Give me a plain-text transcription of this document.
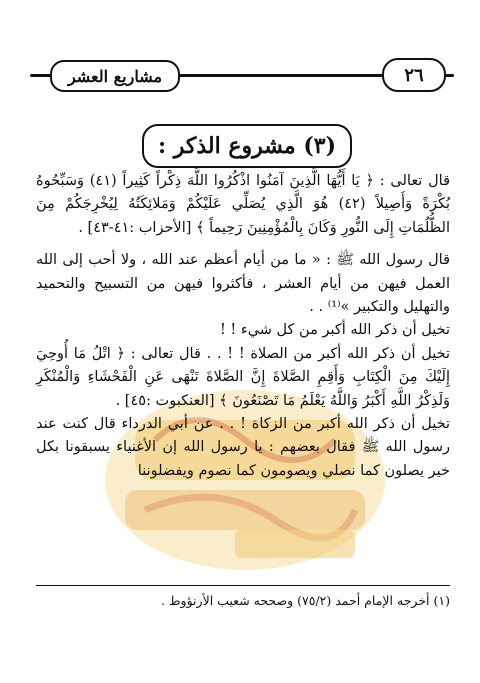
مشاريع العشر	٢٦
(٣) مشروع الذكر :

قال تعالى : ﴿ يَا أَيُّهَا الَّذِينَ آمَنُوا اذْكُرُوا اللَّهَ ذِكْراً كَثِيراً (٤١) وَسَبِّحُوهُ بُكْرَةً وَأَصِيلاً (٤٢) هُوَ الَّذِي يُصَلِّي عَلَيْكُمْ وَمَلائِكَتُهُ لِيُخْرِجَكُمْ مِنَ الظُّلُمَاتِ إِلَى النُّورِ وَكَانَ بِالْمُؤْمِنِينَ رَحِيماً ﴾ [الأحزاب :٤١-٤٣] .

قال رسول الله ﷺ : « ما من أيام أعظم عند الله ، ولا أحب إلى الله العمل فيهن من أيام العشر ، فأكثروا فيهن من التسبيح والتحميد والتهليل والتكبير »⁽¹⁾ . .

تخيل أن ذكر الله أكبر من كل شيء ! !

تخيل أن ذكر الله أكبر من الصلاة ! ! . . قال تعالى : ﴿ اتْلُ مَا أُوحِيَ إِلَيْكَ مِنَ الْكِتَابِ وَأَقِمِ الصَّلاةَ إِنَّ الصَّلاةَ تَنْهَى عَنِ الْفَحْشَاءِ وَالْمُنْكَرِ وَلَذِكْرُ اللَّهِ أَكْبَرُ وَاللَّهُ يَعْلَمُ مَا تَصْنَعُونَ ﴾ [العنكبوت :٤٥] .

تخيل أن ذكر الله أكبر من الزكاة ! . . عن أبي الدرداء قال كنت عند رسول الله ﷺ فقال بعضهم : يا رسول الله إن الأغنياء يسبقونا بكل خير يصلون كما نصلي ويصومون كما نصوم ويفضلوننا

(١) أخرجه الإمام أحمد (٧٥/٢) وصححه شعيب الأرنؤوط .
